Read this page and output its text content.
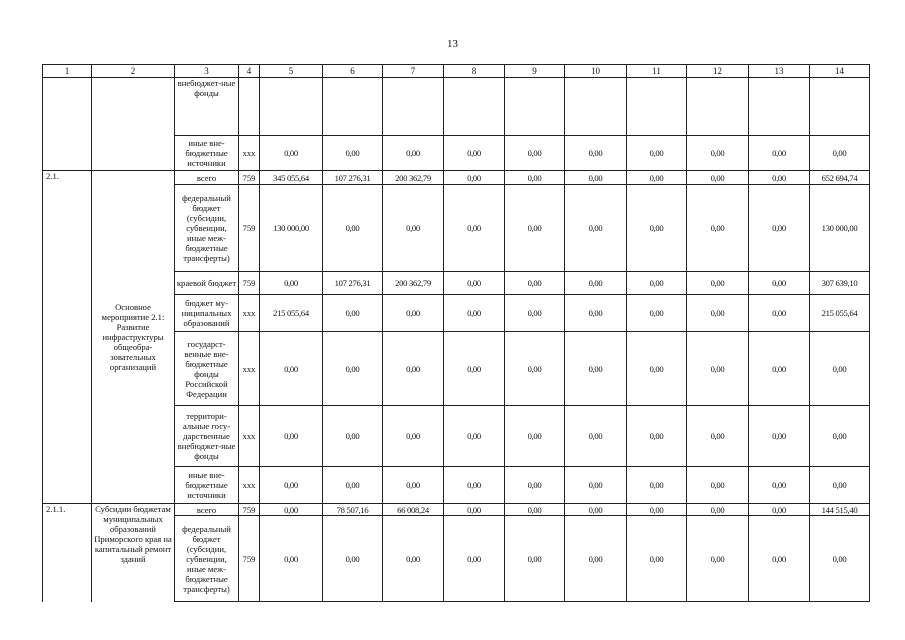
13
1	2	3	4	5	6	7	8	9	10	11	12	13	14
		внебюджет-ные фонды											
		иные вне-бюджетные источники	xxx	0,00	0,00	0,00	0,00	0,00	0,00	0,00	0,00	0,00	0,00
2.1.	Основное мероприятие 2.1: Развитие инфраструктуры общеобра-зовательных организаций	всего	759	345 055,64	107 276,31	200 362,79	0,00	0,00	0,00	0,00	0,00	0,00	652 694,74
		федеральный бюджет (субсидии, субвенции, иные меж-бюджетные трансферты)	759	130 000,00	0,00	0,00	0,00	0,00	0,00	0,00	0,00	0,00	130 000,00
		краевой бюджет	759	0,00	107 276,31	200 362,79	0,00	0,00	0,00	0,00	0,00	0,00	307 639,10
		бюджет му-ниципальных образований	xxx	215 055,64	0,00	0,00	0,00	0,00	0,00	0,00	0,00	0,00	215 055,64
		государст-венные вне-бюджетные фонды Российской Федерации	xxx	0,00	0,00	0,00	0,00	0,00	0,00	0,00	0,00	0,00	0,00
		территори-альные госу-дарственные внебюджет-ные фонды	xxx	0,00	0,00	0,00	0,00	0,00	0,00	0,00	0,00	0,00	0,00
		иные вне-бюджетные источники	xxx	0,00	0,00	0,00	0,00	0,00	0,00	0,00	0,00	0,00	0,00
2.1.1.	Субсидии бюджетам муниципальных образований Приморского края на капитальный ремонт зданий	всего	759	0,00	78 507,16	66 008,24	0,00	0,00	0,00	0,00	0,00	0,00	144 515,40
		федеральный бюджет (субсидии, субвенции, иные меж-бюджетные трансферты)	759	0,00	0,00	0,00	0,00	0,00	0,00	0,00	0,00	0,00	0,00
